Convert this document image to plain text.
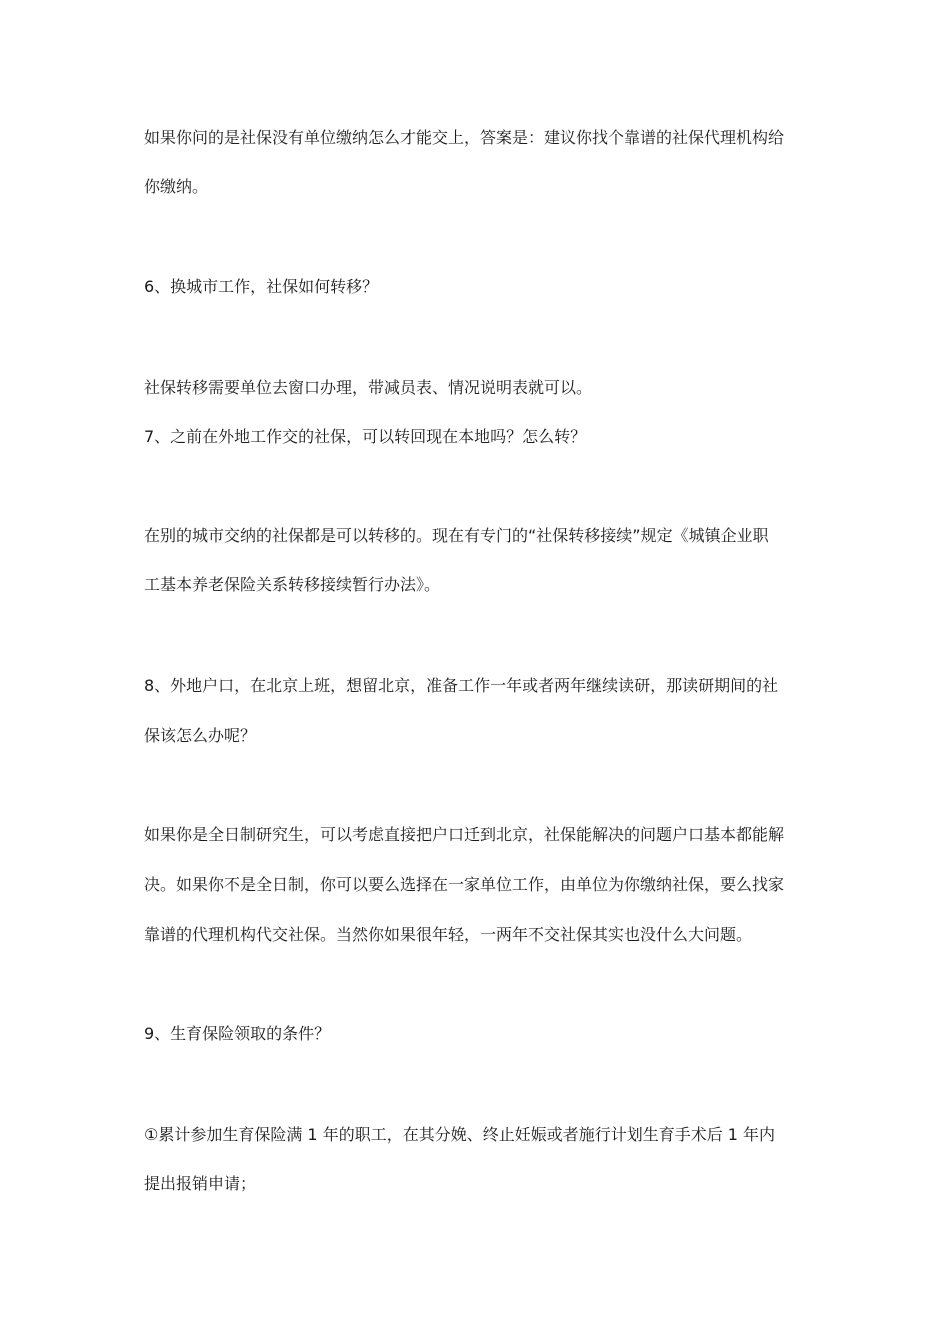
如果你问的是社保没有单位缴纳怎么才能交上，答案是：建议你找个靠谱的社保代理机构给
你缴纳。
6、换城市工作，社保如何转移？
社保转移需要单位去窗口办理，带减员表、情况说明表就可以。
7、之前在外地工作交的社保，可以转回现在本地吗？怎么转？
在别的城市交纳的社保都是可以转移的。现在有专门的“社保转移接续”规定《城镇企业职
工基本养老保险关系转移接续暂行办法》。
8、外地户口，在北京上班，想留北京，准备工作一年或者两年继续读研，那读研期间的社
保该怎么办呢？
如果你是全日制研究生，可以考虑直接把户口迁到北京，社保能解决的问题户口基本都能解
决。如果你不是全日制，你可以要么选择在一家单位工作，由单位为你缴纳社保，要么找家
靠谱的代理机构代交社保。当然你如果很年轻，一两年不交社保其实也没什么大问题。
9、生育保险领取的条件？
①累计参加生育保险满 1 年的职工，在其分娩、终止妊娠或者施行计划生育手术后 1 年内
提出报销申请；
